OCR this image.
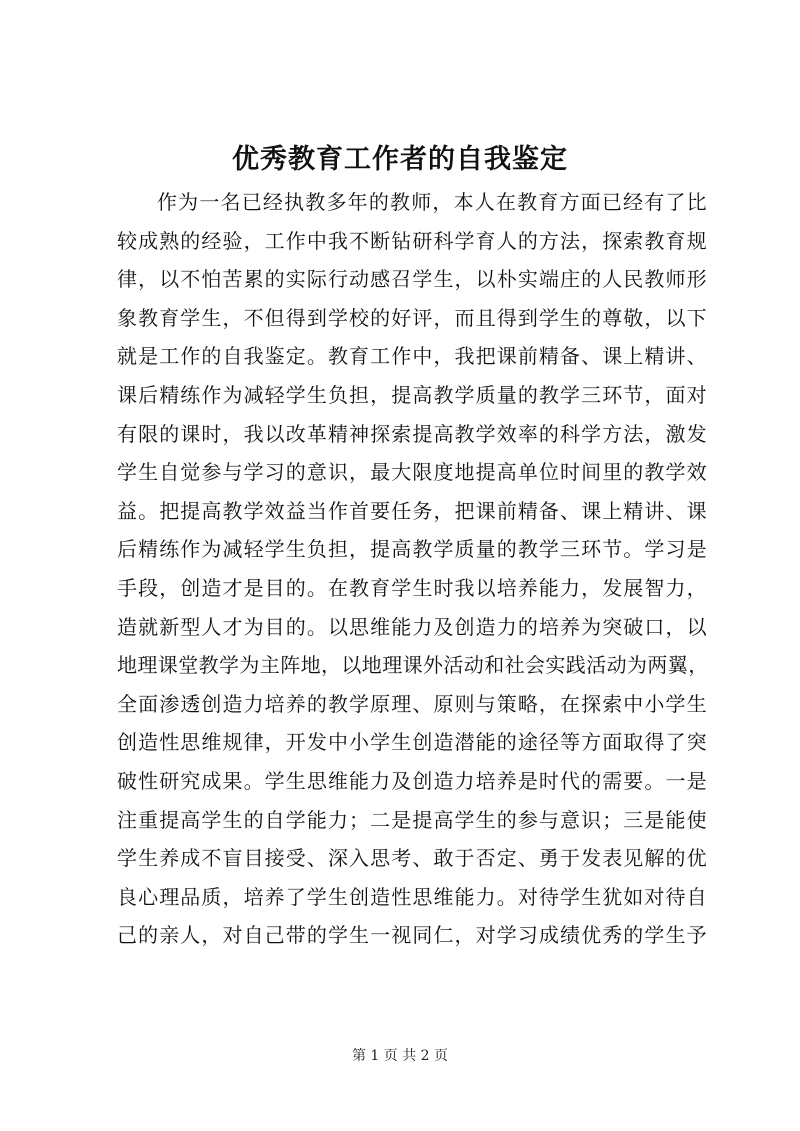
优秀教育工作者的自我鉴定
作为一名已经执教多年的教师，本人在教育方面已经有了比
较成熟的经验，工作中我不断钻研科学育人的方法，探索教育规
律，以不怕苦累的实际行动感召学生，以朴实端庄的人民教师形
象教育学生，不但得到学校的好评，而且得到学生的尊敬，以下
就是工作的自我鉴定。教育工作中，我把课前精备、课上精讲、
课后精练作为减轻学生负担，提高教学质量的教学三环节，面对
有限的课时，我以改革精神探索提高教学效率的科学方法，激发
学生自觉参与学习的意识，最大限度地提高单位时间里的教学效
益。把提高教学效益当作首要任务，把课前精备、课上精讲、课
后精练作为减轻学生负担，提高教学质量的教学三环节。学习是
手段，创造才是目的。在教育学生时我以培养能力，发展智力，
造就新型人才为目的。以思维能力及创造力的培养为突破口，以
地理课堂教学为主阵地，以地理课外活动和社会实践活动为两翼，
全面渗透创造力培养的教学原理、原则与策略，在探索中小学生
创造性思维规律，开发中小学生创造潜能的途径等方面取得了突
破性研究成果。学生思维能力及创造力培养是时代的需要。一是
注重提高学生的自学能力；二是提高学生的参与意识；三是能使
学生养成不盲目接受、深入思考、敢于否定、勇于发表见解的优
良心理品质，培养了学生创造性思维能力。对待学生犹如对待自
己的亲人，对自己带的学生一视同仁，对学习成绩优秀的学生予
第 1 页 共 2 页
